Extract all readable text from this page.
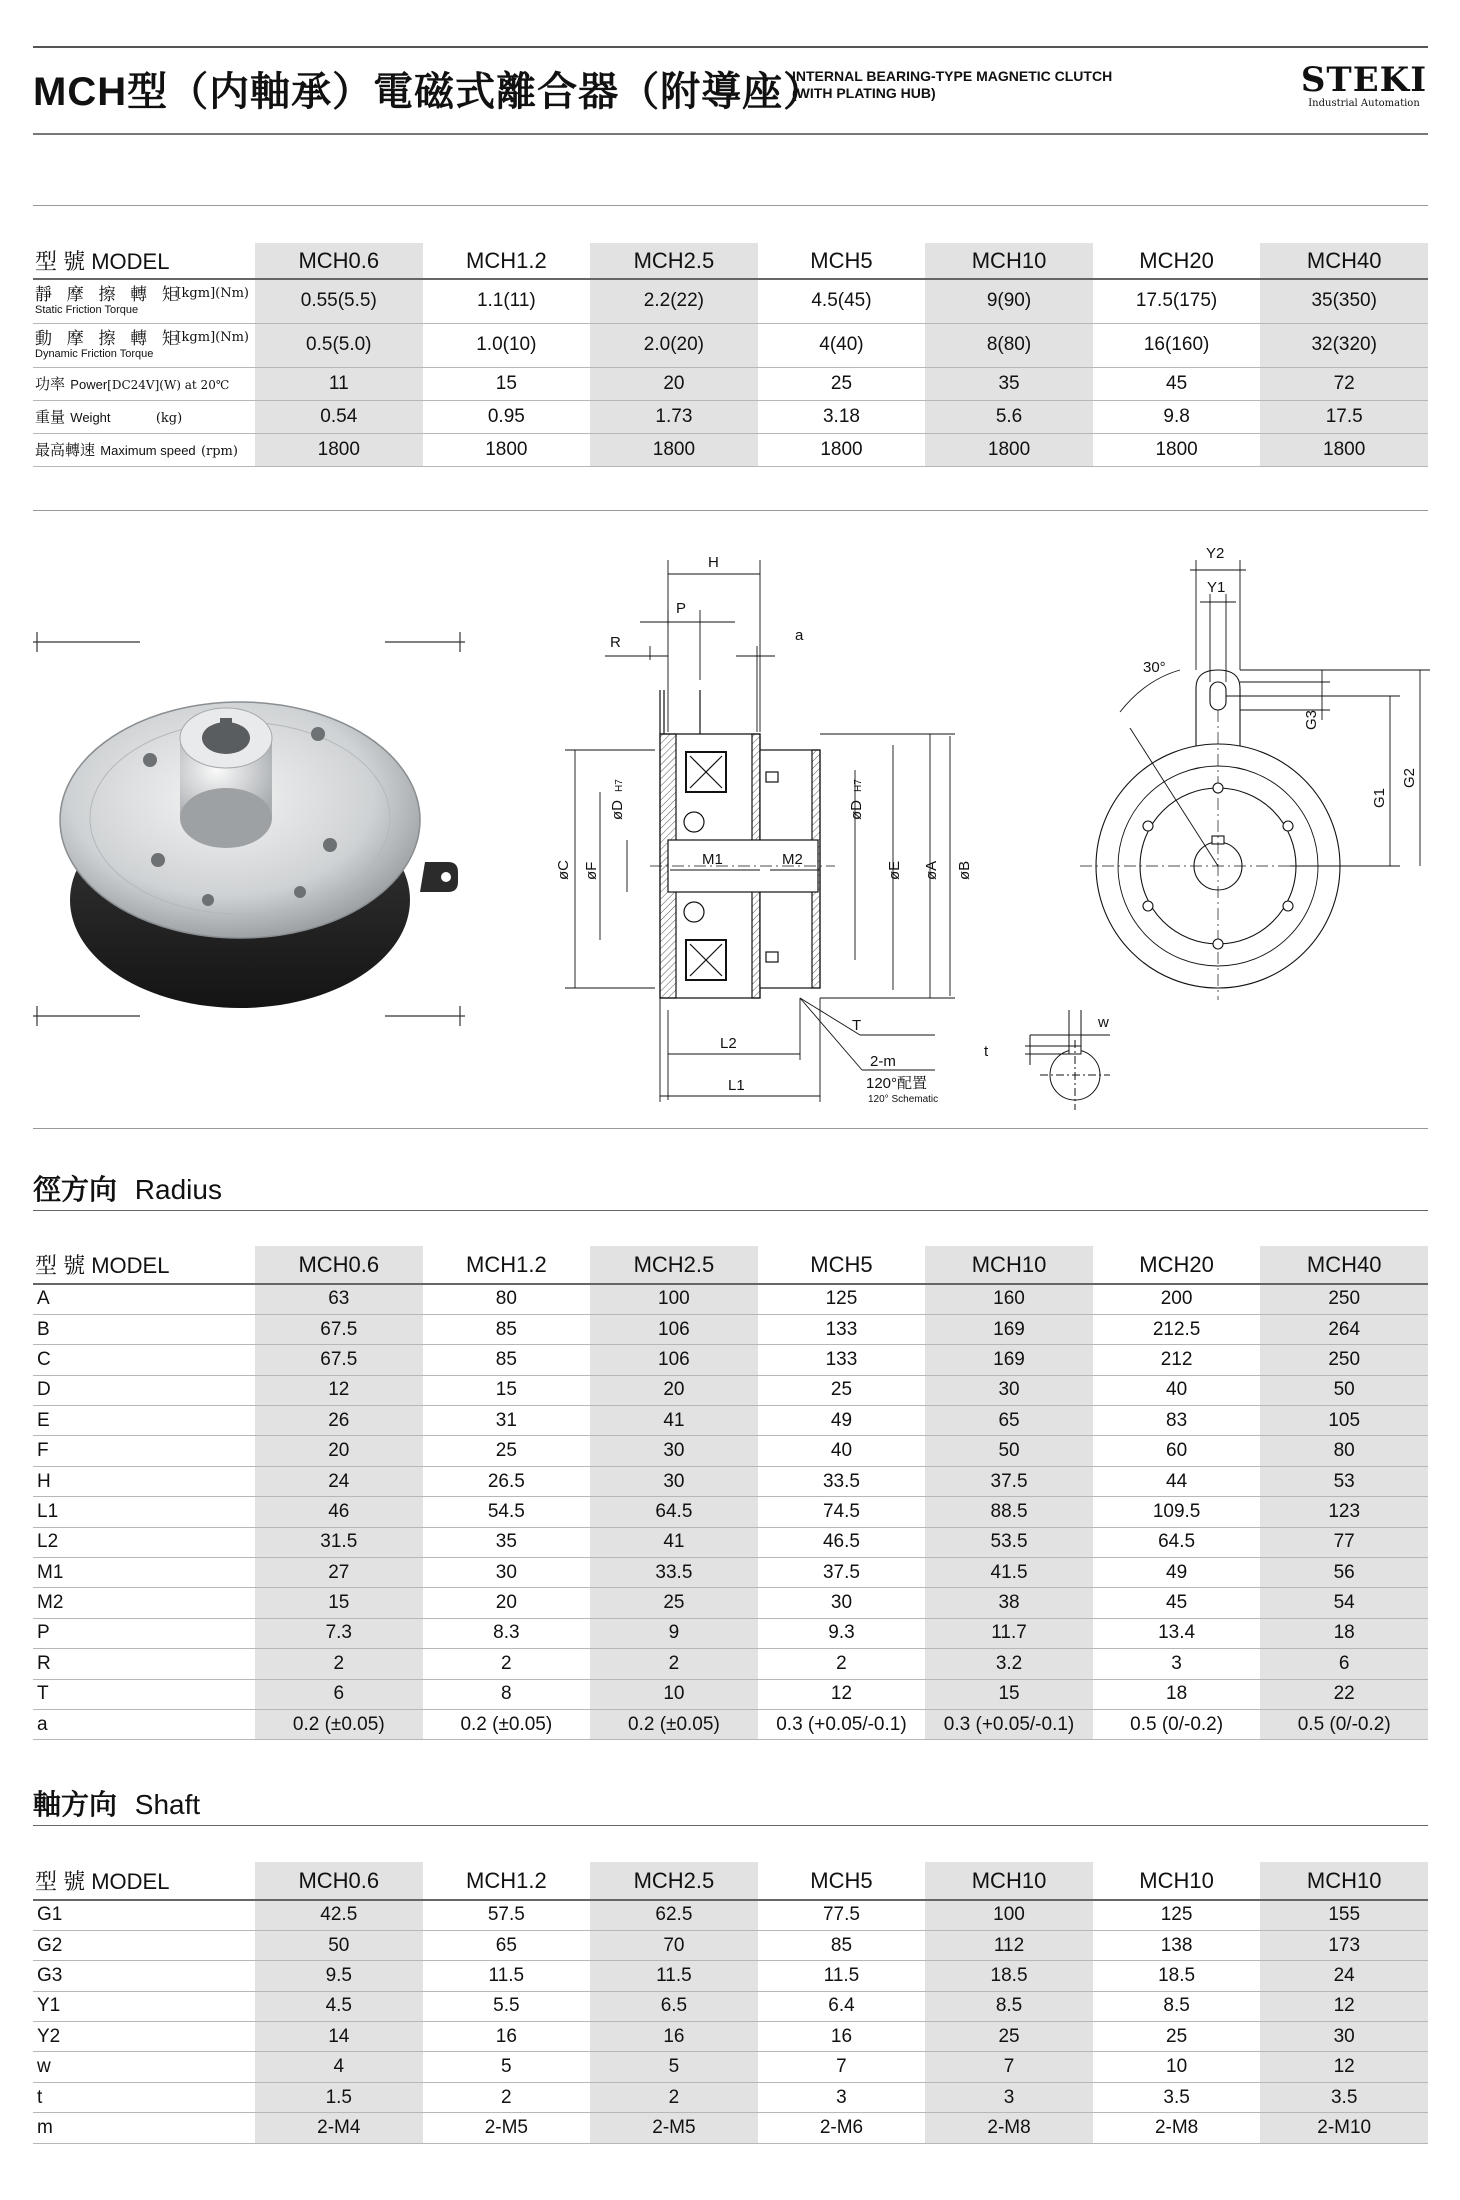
MCH型（内軸承）電磁式離合器（附導座）
INTERNAL BEARING-TYPE MAGNETIC CLUTCH
(WITH PLATING HUB)	STEKI
Industrial Automation
型 號 MODEL	MCH0.6	MCH1.2	MCH2.5	MCH5	MCH10	MCH20	MCH40

[kgm](Nm)
靜 摩 擦 轉 矩
Static Friction Torque	0.55(5.5)	1.1(11)	2.2(22)	4.5(45)	9(90)	17.5(175)	35(350)

[kgm](Nm)
動 摩 擦 轉 矩
Dynamic Friction Torque	0.5(5.0)	1.0(10)	2.0(20)	4(40)	8(80)	16(160)	32(320)
功率 Power[DC24V](W) at 20℃	11	15	20	25	35	45	72
重量 Weight (kg)	0.54	0.95	1.73	3.18	5.6	9.8	17.5
最高轉速 Maximum speed (rpm)	1800	1800	1800	1800	1800	1800	1800
H
P
R	a
M1	M2
L2
L1
T
2-m
120°配置
120° Schematic
øC øF
øD
H7
øD
H7
øE øA øB
w
t
Y2
Y1
30°
G3
G1
G2
徑方向 Radius
型 號 MODEL	MCH0.6	MCH1.2	MCH2.5	MCH5	MCH10	MCH20	MCH40
A	63	80	100	125	160	200	250
B	67.5	85	106	133	169	212.5	264
C	67.5	85	106	133	169	212	250
D	12	15	20	25	30	40	50
E	26	31	41	49	65	83	105
F	20	25	30	40	50	60	80
H	24	26.5	30	33.5	37.5	44	53
L1	46	54.5	64.5	74.5	88.5	109.5	123
L2	31.5	35	41	46.5	53.5	64.5	77
M1	27	30	33.5	37.5	41.5	49	56
M2	15	20	25	30	38	45	54
P	7.3	8.3	9	9.3	11.7	13.4	18
R	2	2	2	2	3.2	3	6
T	6	8	10	12	15	18	22
a	0.2 (±0.05)	0.2 (±0.05)	0.2 (±0.05)	0.3 (+0.05/-0.1)	0.3 (+0.05/-0.1)	0.5 (0/-0.2)	0.5 (0/-0.2)
軸方向 Shaft
型 號 MODEL	MCH0.6	MCH1.2	MCH2.5	MCH5	MCH10	MCH10	MCH10
G1	42.5	57.5	62.5	77.5	100	125	155
G2	50	65	70	85	112	138	173
G3	9.5	11.5	11.5	11.5	18.5	18.5	24
Y1	4.5	5.5	6.5	6.4	8.5	8.5	12
Y2	14	16	16	16	25	25	30
w	4	5	5	7	7	10	12
t	1.5	2	2	3	3	3.5	3.5
m	2-M4	2-M5	2-M5	2-M6	2-M8	2-M8	2-M10
